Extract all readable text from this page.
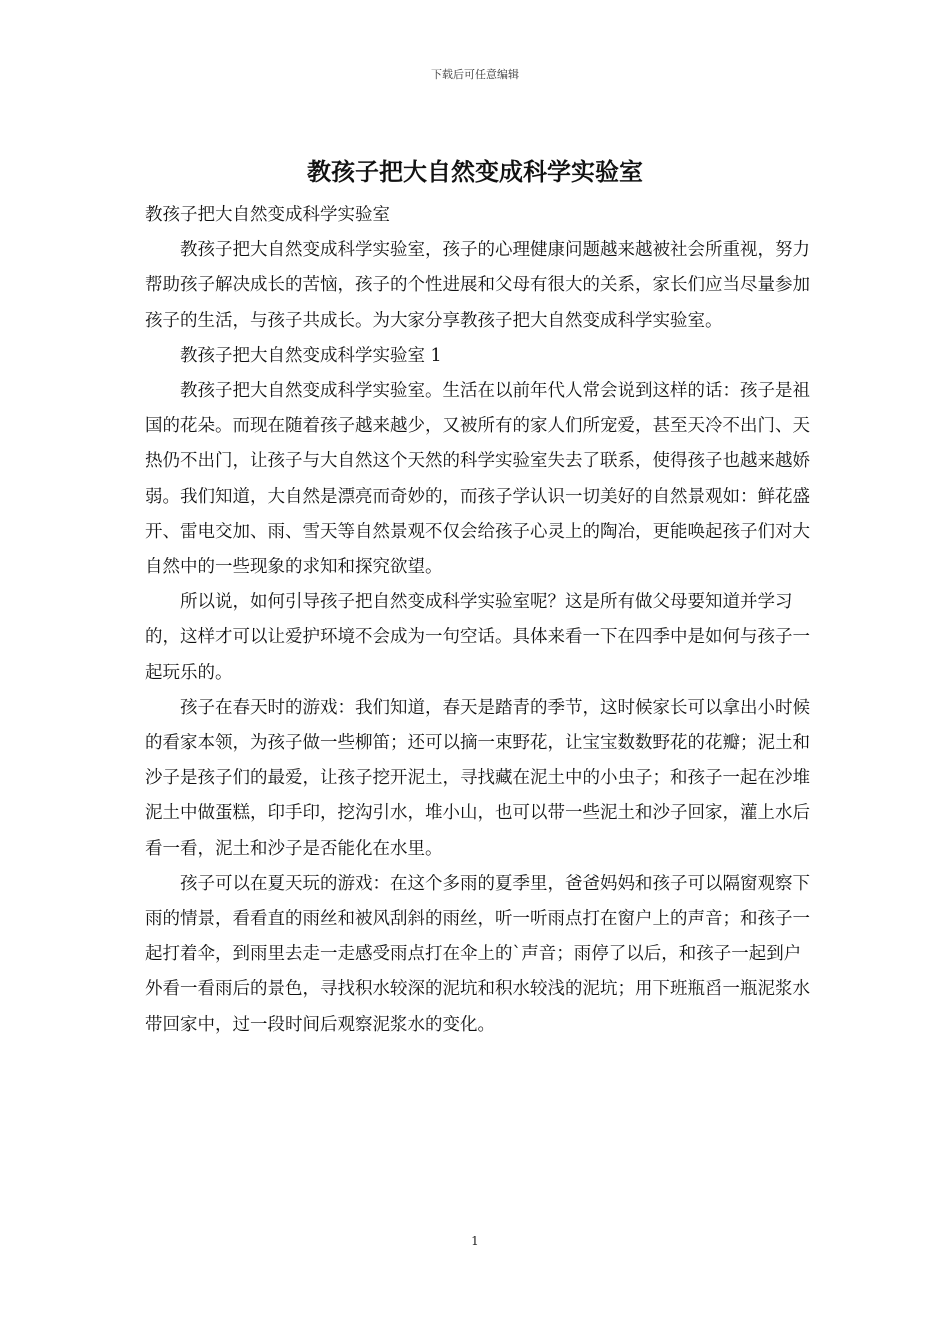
下载后可任意编辑
教孩子把大自然变成科学实验室

教孩子把大自然变成科学实验室

教孩子把大自然变成科学实验室，孩子的心理健康问题越来越被社会所重视，努力帮助孩子解决成长的苦恼，孩子的个性进展和父母有很大的关系，家长们应当尽量参加孩子的生活，与孩子共成长。为大家分享教孩子把大自然变成科学实验室。

教孩子把大自然变成科学实验室 1

教孩子把大自然变成科学实验室。生活在以前年代人常会说到这样的话：孩子是祖国的花朵。而现在随着孩子越来越少，又被所有的家人们所宠爱，甚至天冷不出门、天热仍不出门，让孩子与大自然这个天然的科学实验室失去了联系，使得孩子也越来越娇弱。我们知道，大自然是漂亮而奇妙的，而孩子学认识一切美好的自然景观如：鲜花盛开、雷电交加、雨、雪天等自然景观不仅会给孩子心灵上的陶冶，更能唤起孩子们对大自然中的一些现象的求知和探究欲望。

所以说，如何引导孩子把自然变成科学实验室呢？这是所有做父母要知道并学习的，这样才可以让爱护环境不会成为一句空话。具体来看一下在四季中是如何与孩子一起玩乐的。

孩子在春天时的游戏：我们知道，春天是踏青的季节，这时候家长可以拿出小时候的看家本领，为孩子做一些柳笛；还可以摘一束野花，让宝宝数数野花的花瓣；泥土和沙子是孩子们的最爱，让孩子挖开泥土，寻找藏在泥土中的小虫子；和孩子一起在沙堆泥土中做蛋糕，印手印，挖沟引水，堆小山，也可以带一些泥土和沙子回家，灌上水后看一看，泥土和沙子是否能化在水里。

孩子可以在夏天玩的游戏：在这个多雨的夏季里，爸爸妈妈和孩子可以隔窗观察下雨的情景，看看直的雨丝和被风刮斜的雨丝，听一听雨点打在窗户上的声音；和孩子一起打着伞，到雨里去走一走感受雨点打在伞上的`声音；雨停了以后，和孩子一起到户外看一看雨后的景色，寻找积水较深的泥坑和积水较浅的泥坑；用下班瓶舀一瓶泥浆水带回家中，过一段时间后观察泥浆水的变化。

1
